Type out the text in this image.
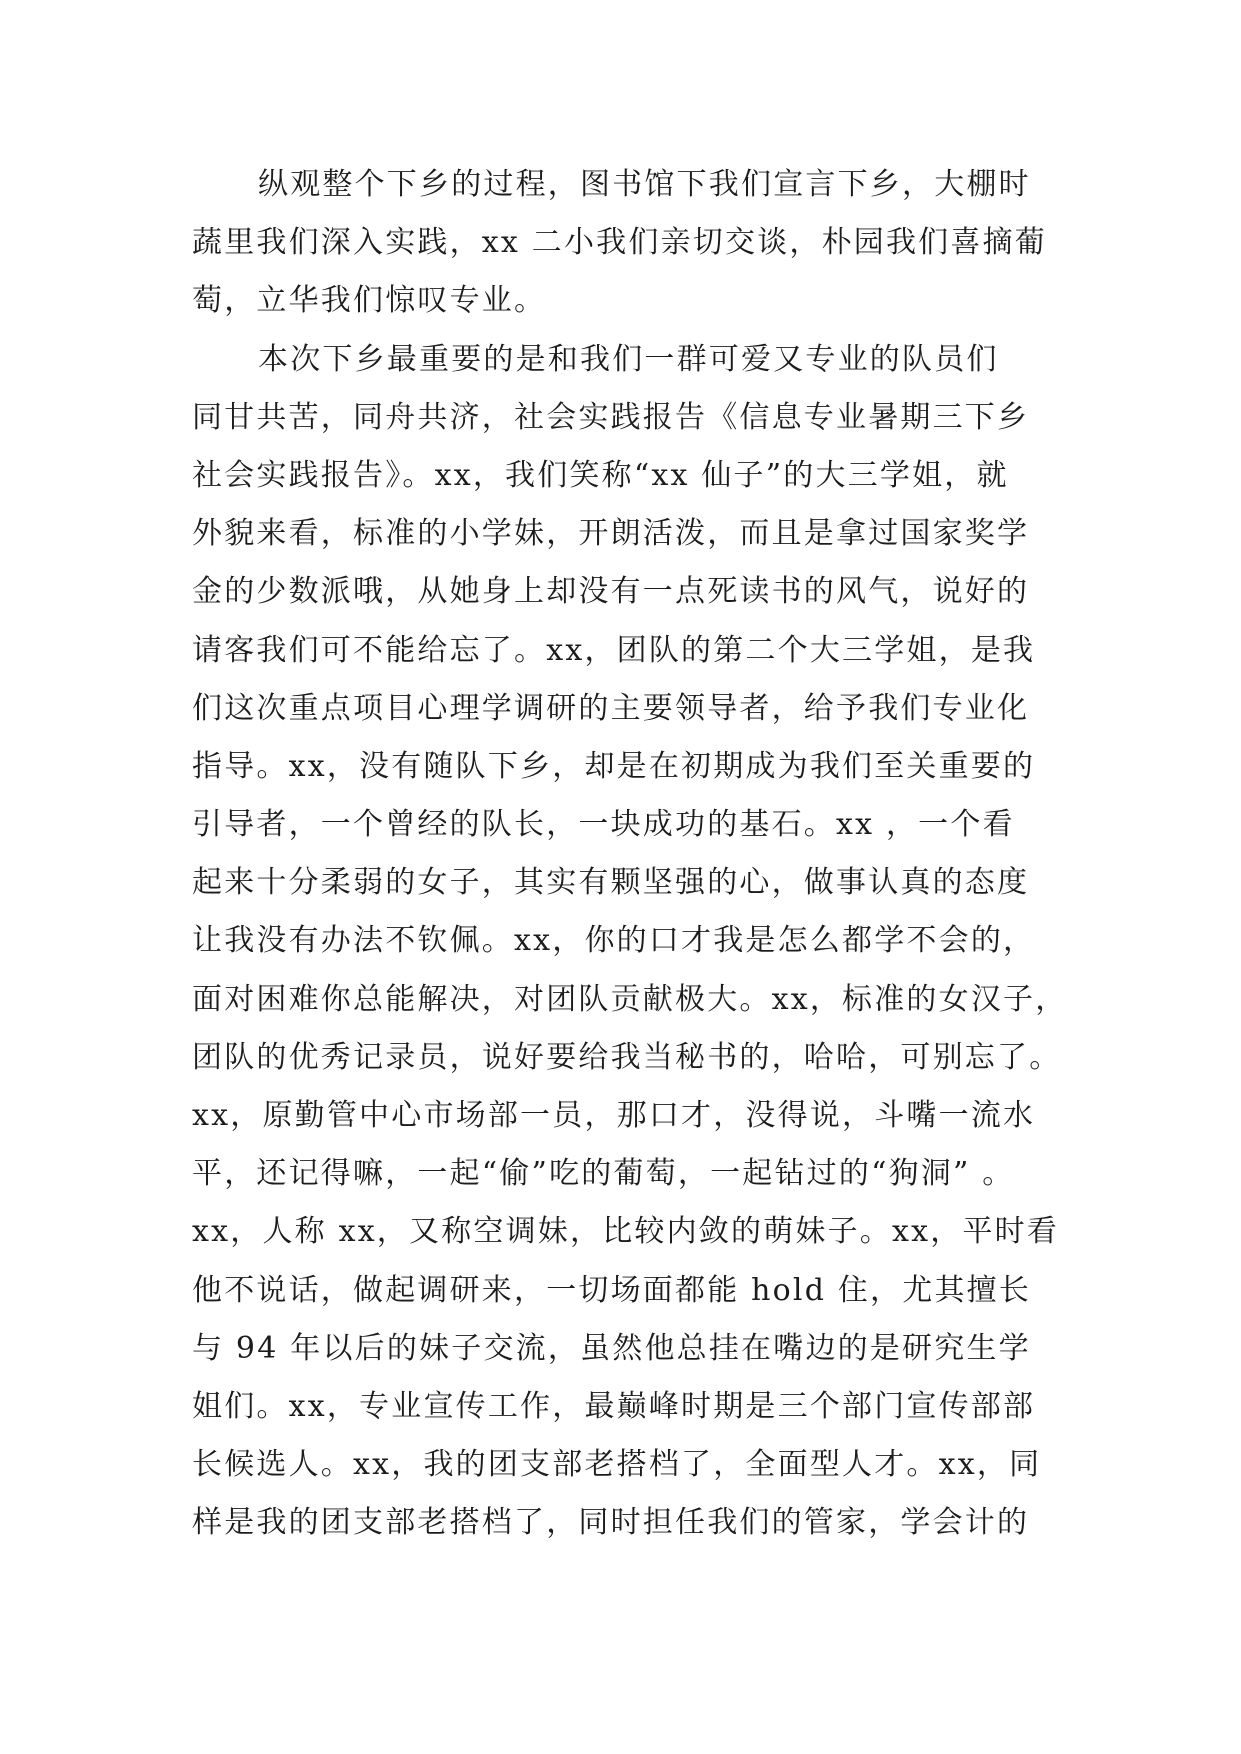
纵观整个下乡的过程，图书馆下我们宣言下乡，大棚时
蔬里我们深入实践，xx 二小我们亲切交谈，朴园我们喜摘葡
萄，立华我们惊叹专业。
本次下乡最重要的是和我们一群可爱又专业的队员们
同甘共苦，同舟共济，社会实践报告《信息专业暑期三下乡
社会实践报告》。xx，我们笑称“xx 仙子”的大三学姐，就
外貌来看，标准的小学妹，开朗活泼，而且是拿过国家奖学
金的少数派哦，从她身上却没有一点死读书的风气，说好的
请客我们可不能给忘了。xx，团队的第二个大三学姐，是我
们这次重点项目心理学调研的主要领导者，给予我们专业化
指导。xx，没有随队下乡，却是在初期成为我们至关重要的
引导者，一个曾经的队长，一块成功的基石。xx ，一个看
起来十分柔弱的女子，其实有颗坚强的心，做事认真的态度
让我没有办法不钦佩。xx，你的口才我是怎么都学不会的，
面对困难你总能解决，对团队贡献极大。xx，标准的女汉子，
团队的优秀记录员，说好要给我当秘书的，哈哈，可别忘了。
xx，原勤管中心市场部一员，那口才，没得说，斗嘴一流水
平，还记得嘛，一起“偷”吃的葡萄，一起钻过的“狗洞” 。
xx，人称 xx，又称空调妹，比较内敛的萌妹子。xx，平时看
他不说话，做起调研来，一切场面都能 hold 住，尤其擅长
与 94 年以后的妹子交流，虽然他总挂在嘴边的是研究生学
姐们。xx，专业宣传工作，最巅峰时期是三个部门宣传部部
长候选人。xx，我的团支部老搭档了，全面型人才。xx，同
样是我的团支部老搭档了，同时担任我们的管家，学会计的
